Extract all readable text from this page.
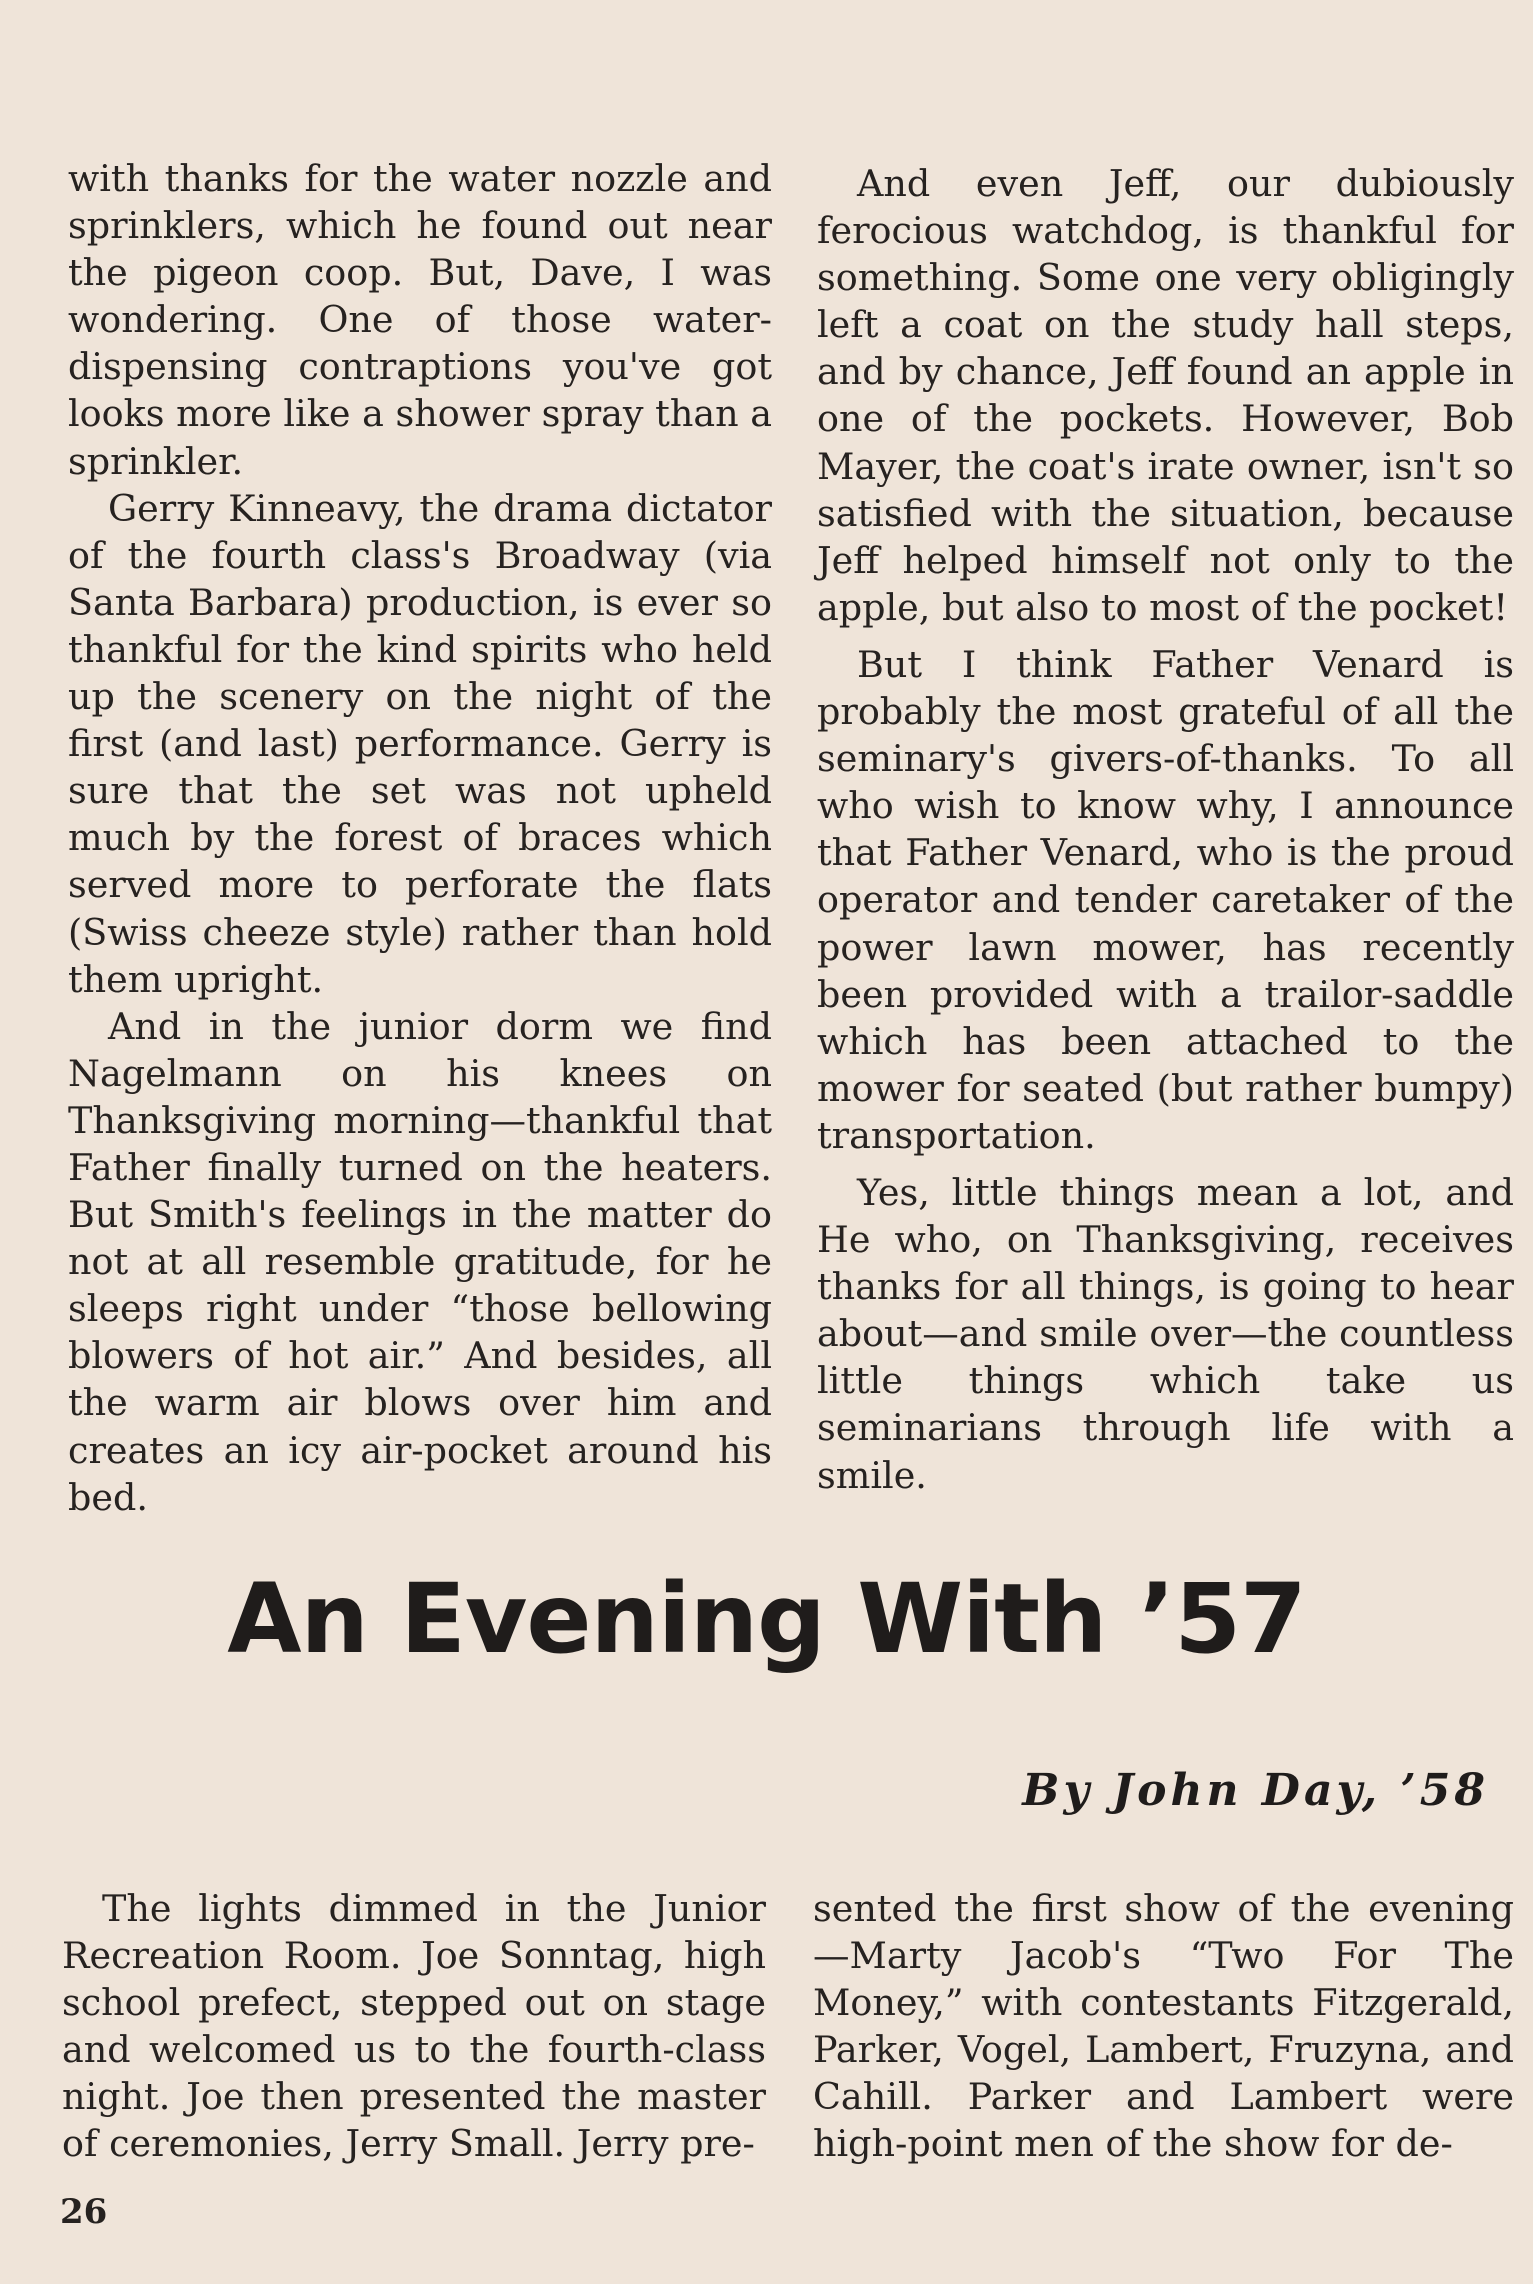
with thanks for the water nozzle and sprinklers, which he found out near the pigeon coop. But, Dave, I was wondering. One of those water-dispensing contraptions you've got looks more like a shower spray than a sprinkler.

Gerry Kinneavy, the drama dictator of the fourth class's Broadway (via Santa Barbara) production, is ever so thankful for the kind spirits who held up the scenery on the night of the first (and last) performance. Gerry is sure that the set was not upheld much by the forest of braces which served more to perforate the flats (Swiss cheeze style) rather than hold them upright.

And in the junior dorm we find Nagelmann on his knees on Thanksgiving morning—thankful that Father finally turned on the heaters. But Smith's feelings in the matter do not at all resemble gratitude, for he sleeps right under “those bellowing blowers of hot air.” And besides, all the warm air blows over him and creates an icy air-pocket around his bed.

And even Jeff, our dubiously ferocious watchdog, is thankful for something. Some one very obligingly left a coat on the study hall steps, and by chance, Jeff found an apple in one of the pockets. However, Bob Mayer, the coat's irate owner, isn't so satisfied with the situation, because Jeff helped himself not only to the apple, but also to most of the pocket!

But I think Father Venard is probably the most grateful of all the seminary's givers-of-thanks. To all who wish to know why, I announce that Father Venard, who is the proud operator and tender caretaker of the power lawn mower, has recently been provided with a trailor-saddle which has been attached to the mower for seated (but rather bumpy) transportation.

Yes, little things mean a lot, and He who, on Thanksgiving, receives thanks for all things, is going to hear about—and smile over—the countless little things which take us seminarians through life with a smile.

An Evening With ’57
By John Day, ’58

The lights dimmed in the Junior Recreation Room. Joe Sonntag, high school prefect, stepped out on stage and welcomed us to the fourth-class night. Joe then presented the master of ceremonies, Jerry Small. Jerry pre-

sented the first show of the evening —Marty Jacob's “Two For The Money,” with contestants Fitzgerald, Parker, Vogel, Lambert, Fruzyna, and Cahill. Parker and Lambert were high-point men of the show for de-

26
